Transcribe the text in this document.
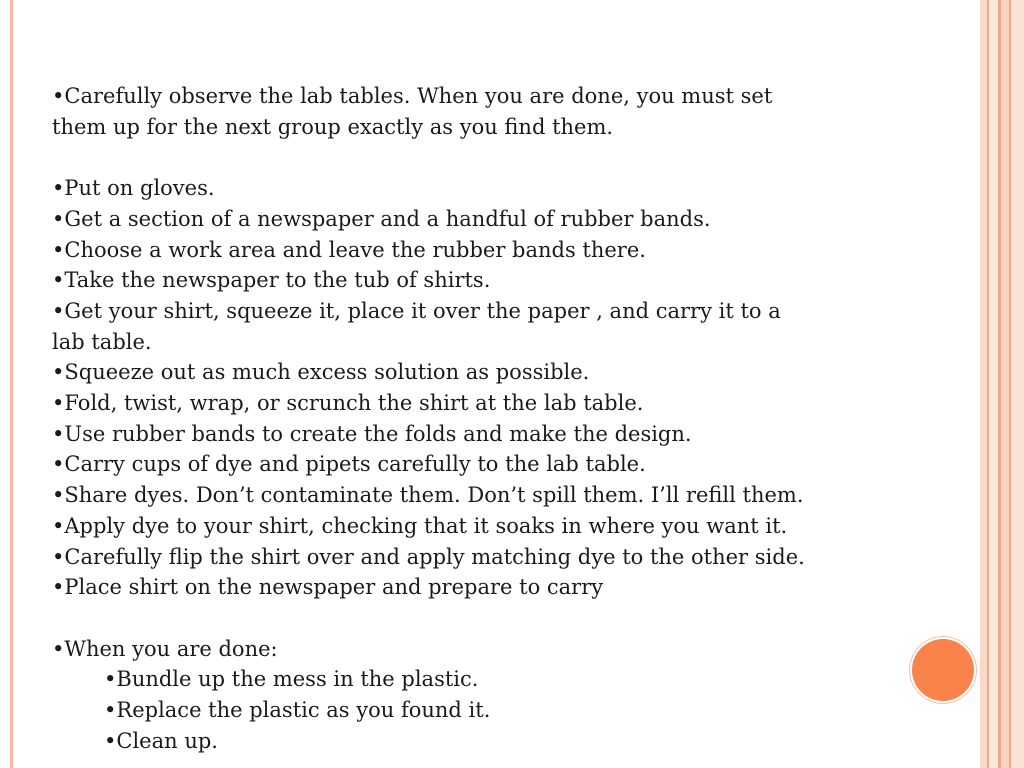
•Carefully observe the lab tables. When you are done, you must set
them up for the next group exactly as you find them.
•Put on gloves.
•Get a section of a newspaper and a handful of rubber bands.
•Choose a work area and leave the rubber bands there.
•Take the newspaper to the tub of shirts.
•Get your shirt, squeeze it, place it over the paper , and carry it to a
lab table.
•Squeeze out as much excess solution as possible.
•Fold, twist, wrap, or scrunch the shirt at the lab table.
•Use rubber bands to create the folds and make the design.
•Carry cups of dye and pipets carefully to the lab table.
•Share dyes. Don’t contaminate them. Don’t spill them. I’ll refill them.
•Apply dye to your shirt, checking that it soaks in where you want it.
•Carefully flip the shirt over and apply matching dye to the other side.
•Place shirt on the newspaper and prepare to carry
•When you are done:
•Bundle up the mess in the plastic.
•Replace the plastic as you found it.
•Clean up.
